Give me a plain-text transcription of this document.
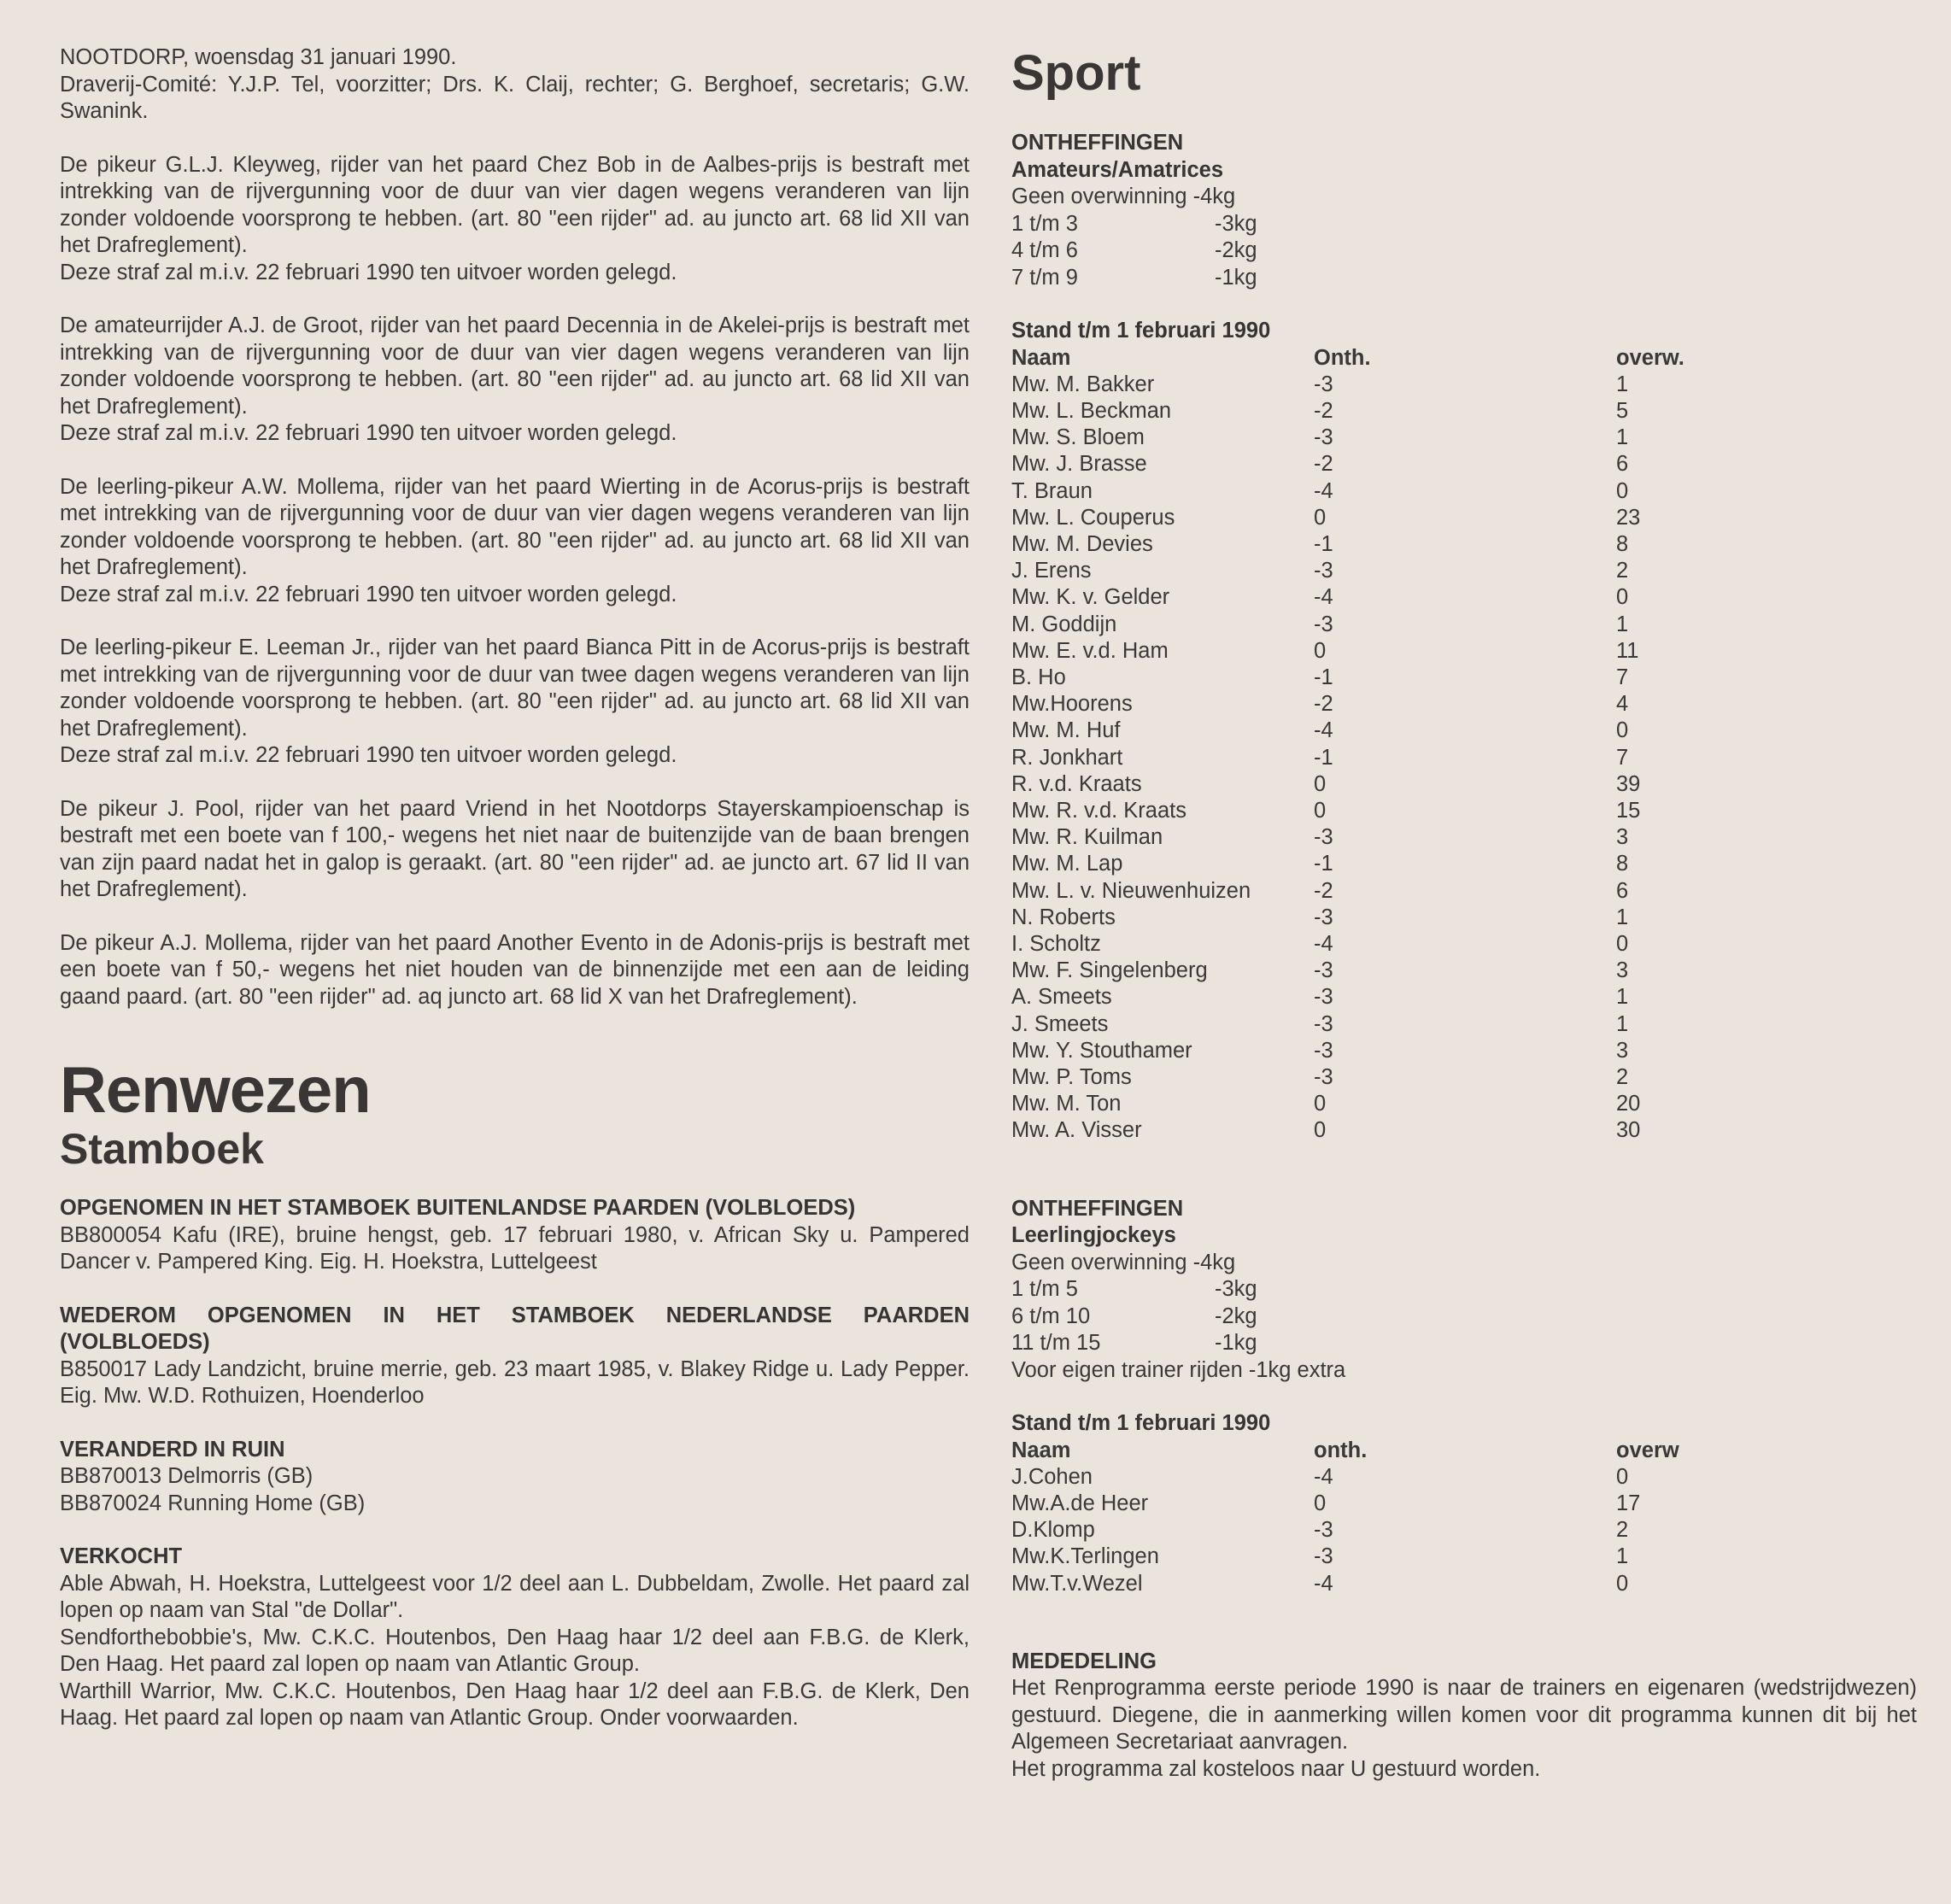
NOOTDORP, woensdag 31 januari 1990.

Draverij-Comité: Y.J.P. Tel, voorzitter; Drs. K. Claij, rechter; G. Berghoef, secretaris; G.W. Swanink.

De pikeur G.L.J. Kleyweg, rijder van het paard Chez Bob in de Aalbes-prijs is bestraft met intrekking van de rijvergunning voor de duur van vier dagen wegens veranderen van lijn zonder voldoende voorsprong te hebben. (art. 80 "een rijder" ad. au juncto art. 68 lid XII van het Drafreglement).

Deze straf zal m.i.v. 22 februari 1990 ten uitvoer worden gelegd.

De amateurrijder A.J. de Groot, rijder van het paard Decennia in de Akelei-prijs is bestraft met intrekking van de rijvergunning voor de duur van vier dagen wegens veranderen van lijn zonder voldoende voorsprong te hebben. (art. 80 "een rijder" ad. au juncto art. 68 lid XII van het Drafreglement).

Deze straf zal m.i.v. 22 februari 1990 ten uitvoer worden gelegd.

De leerling-pikeur A.W. Mollema, rijder van het paard Wierting in de Acorus-prijs is bestraft met intrekking van de rijvergunning voor de duur van vier dagen wegens veranderen van lijn zonder voldoende voorsprong te hebben. (art. 80 "een rijder" ad. au juncto art. 68 lid XII van het Drafreglement).

Deze straf zal m.i.v. 22 februari 1990 ten uitvoer worden gelegd.

De leerling-pikeur E. Leeman Jr., rijder van het paard Bianca Pitt in de Acorus-prijs is bestraft met intrekking van de rijvergunning voor de duur van twee dagen wegens veranderen van lijn zonder voldoende voorsprong te hebben. (art. 80 "een rijder" ad. au juncto art. 68 lid XII van het Drafreglement).

Deze straf zal m.i.v. 22 februari 1990 ten uitvoer worden gelegd.

De pikeur J. Pool, rijder van het paard Vriend in het Nootdorps Stayerskampioenschap is bestraft met een boete van f 100,- wegens het niet naar de buitenzijde van de baan brengen van zijn paard nadat het in galop is geraakt. (art. 80 "een rijder" ad. ae juncto art. 67 lid II van het Drafreglement).

De pikeur A.J. Mollema, rijder van het paard Another Evento in de Adonis-prijs is bestraft met een boete van f 50,- wegens het niet houden van de binnenzijde met een aan de leiding gaand paard. (art. 80 "een rijder" ad. aq juncto art. 68 lid X van het Drafreglement).

Renwezen
Stamboek
OPGENOMEN IN HET STAMBOEK BUITENLANDSE PAARDEN (VOLBLOEDS)

BB800054 Kafu (IRE), bruine hengst, geb. 17 februari 1980, v. African Sky u. Pampered Dancer v. Pampered King. Eig. H. Hoekstra, Luttelgeest

WEDEROM OPGENOMEN IN HET STAMBOEK NEDERLANDSE PAARDEN (VOLBLOEDS)

B850017 Lady Landzicht, bruine merrie, geb. 23 maart 1985, v. Blakey Ridge u. Lady Pepper. Eig. Mw. W.D. Rothuizen, Hoenderloo

VERANDERD IN RUIN

BB870013 Delmorris (GB)

BB870024 Running Home (GB)

VERKOCHT

Able Abwah, H. Hoekstra, Luttelgeest voor 1/2 deel aan L. Dubbeldam, Zwolle. Het paard zal lopen op naam van Stal "de Dollar".

Sendforthebobbie's, Mw. C.K.C. Houtenbos, Den Haag haar 1/2 deel aan F.B.G. de Klerk, Den Haag. Het paard zal lopen op naam van Atlantic Group.

Warthill Warrior, Mw. C.K.C. Houtenbos, Den Haag haar 1/2 deel aan F.B.G. de Klerk, Den Haag. Het paard zal lopen op naam van Atlantic Group. Onder voorwaarden.

Sport
ONTHEFFINGEN
Amateurs/Amatrices
Geen overwinning -4kg
1 t/m 3	-3kg
4 t/m 6	-2kg
7 t/m 9	-1kg
Stand t/m 1 februari 1990
Naam	Onth.	overw.
Mw. M. Bakker	-3	1
Mw. L. Beckman	-2	5
Mw. S. Bloem	-3	1
Mw. J. Brasse	-2	6
T. Braun	-4	0
Mw. L. Couperus	0	23
Mw. M. Devies	-1	8
J. Erens	-3	2
Mw. K. v. Gelder	-4	0
M. Goddijn	-3	1
Mw. E. v.d. Ham	0	11
B. Ho	-1	7
Mw.Hoorens	-2	4
Mw. M. Huf	-4	0
R. Jonkhart	-1	7
R. v.d. Kraats	0	39
Mw. R. v.d. Kraats	0	15
Mw. R. Kuilman	-3	3
Mw. M. Lap	-1	8
Mw. L. v. Nieuwenhuizen	-2	6
N. Roberts	-3	1
I. Scholtz	-4	0
Mw. F. Singelenberg	-3	3
A. Smeets	-3	1
J. Smeets	-3	1
Mw. Y. Stouthamer	-3	3
Mw. P. Toms	-3	2
Mw. M. Ton	0	20
Mw. A. Visser	0	30
ONTHEFFINGEN
Leerlingjockeys
Geen overwinning -4kg
1 t/m 5	-3kg
6 t/m 10	-2kg
11 t/m 15	-1kg
Voor eigen trainer rijden -1kg extra
Stand t/m 1 februari 1990
Naam	onth.	overw
J.Cohen	-4	0
Mw.A.de Heer	0	17
D.Klomp	-3	2
Mw.K.Terlingen	-3	1
Mw.T.v.Wezel	-4	0
MEDEDELING

Het Renprogramma eerste periode 1990 is naar de trainers en eigenaren (wedstrijdwezen) gestuurd. Diegene, die in aanmerking willen komen voor dit programma kunnen dit bij het Algemeen Secretariaat aanvragen.

Het programma zal kosteloos naar U gestuurd worden.
